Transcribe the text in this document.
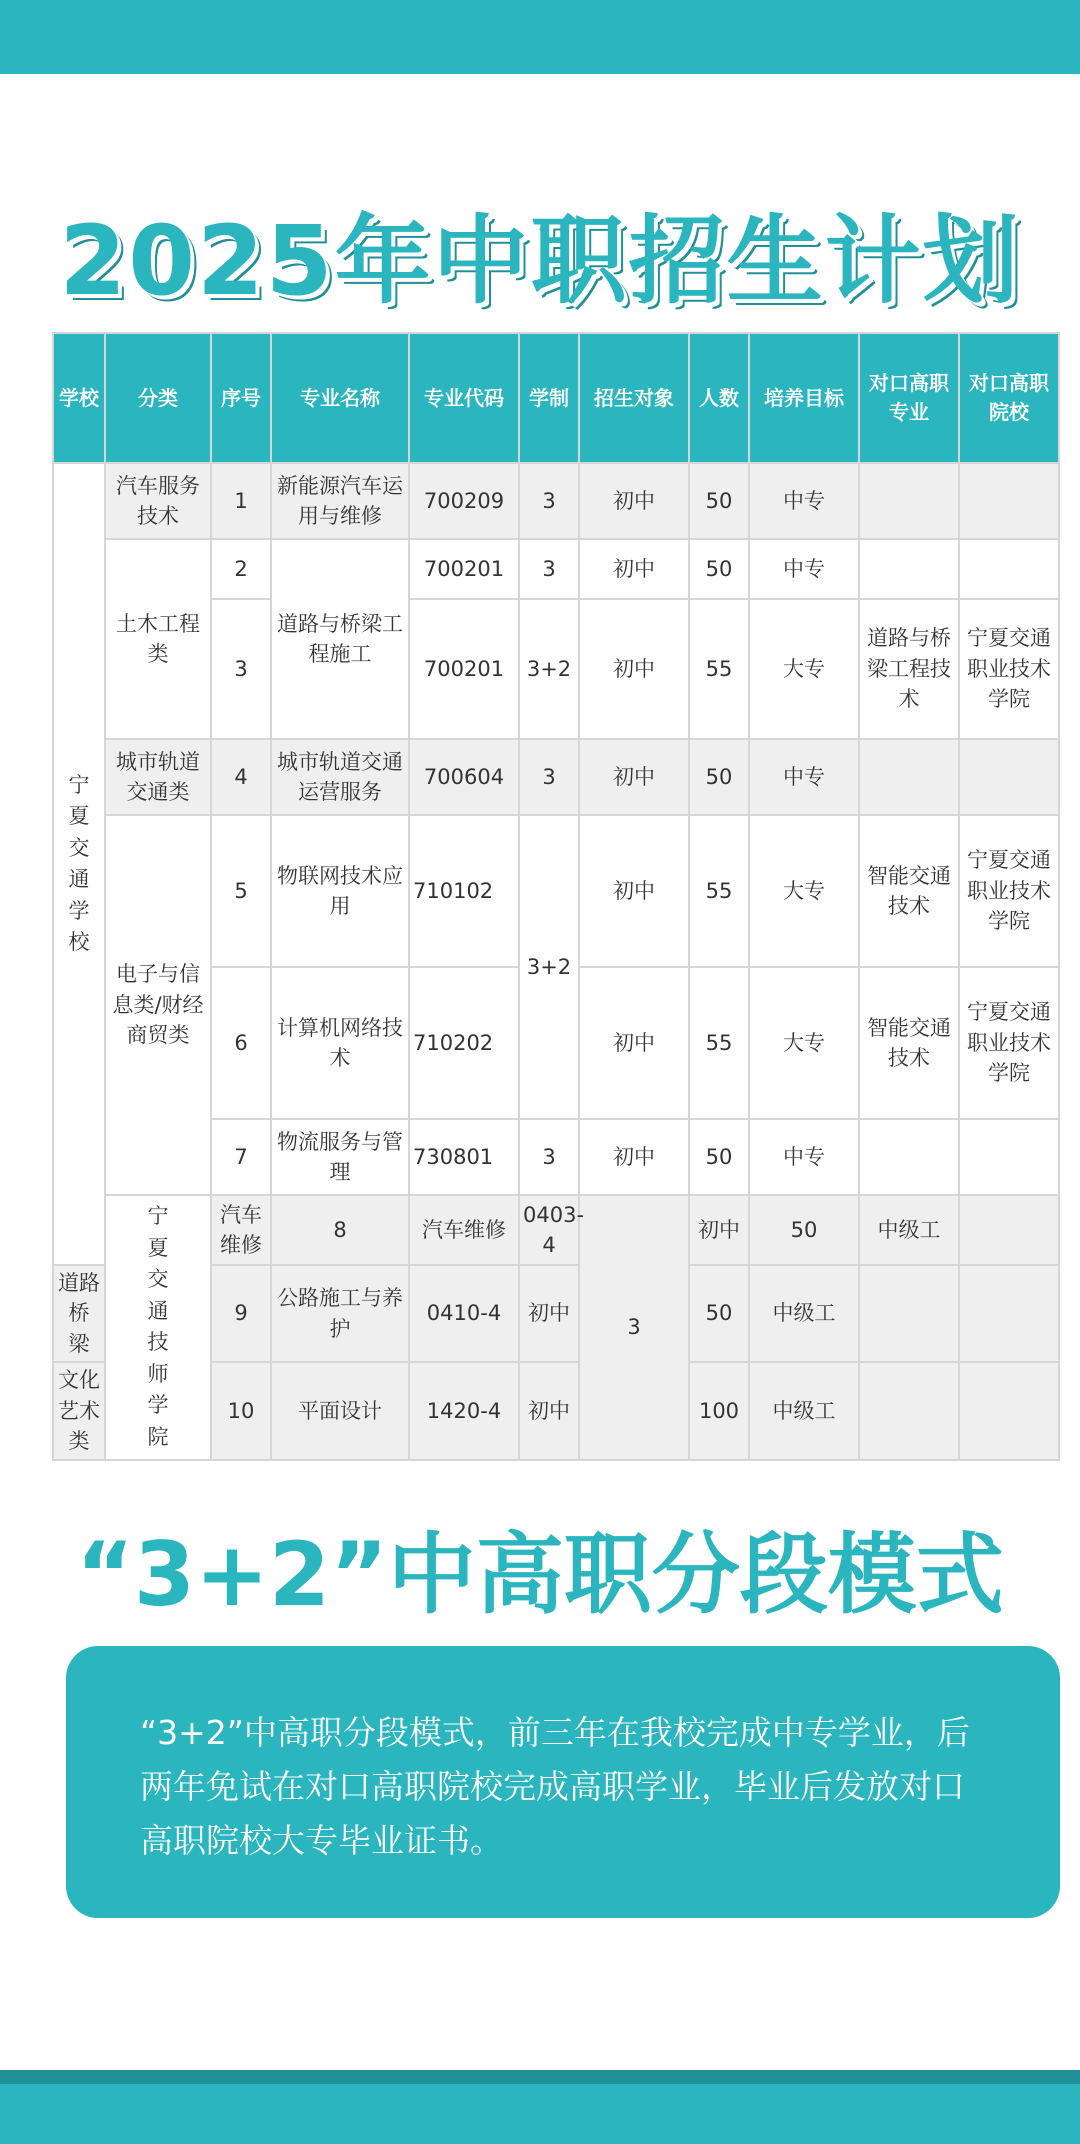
2025年中职招生计划
学校	分类	序号	专业名称	专业代码	学制	招生对象	人数	培养目标	对口高职专业	对口高职院校	
宁夏交通学校	汽车服务技术	1	新能源汽车运用与维修	700209	3	初中	50	中专			
	土木工程类	2	道路与桥梁工程施工	700201	3	初中	50	中专			
		3		700201	3+2	初中	55	大专	道路与桥梁工程技术	宁夏交通职业技术学院	
	城市轨道交通类	4	城市轨道交通运营服务	700604	3	初中	50	中专			
	电子与信息类/财经商贸类	5	物联网技术应用	710102	3+2	初中	55	大专	智能交通技术	宁夏交通职业技术学院	
		6	计算机网络技术	710202		初中	55	大专	智能交通技术	宁夏交通职业技术学院	
		7	物流服务与管理	730801	3	初中	50	中专			
	宁夏交通技师学院	汽车维修	8	汽车维修	0403-4	3	初中	50	中级工		
道路桥 梁		9	公路施工与养护	0410-4	初中		50	中级工			
文化艺术类		10	平面设计	1420-4	初中		100	中级工			
“3+2”中高职分段模式

“3+2”中高职分段模式，前三年在我校完成中专学业，后两年免试在对口高职院校完成高职学业，毕业后发放对口高职院校大专毕业证书。
